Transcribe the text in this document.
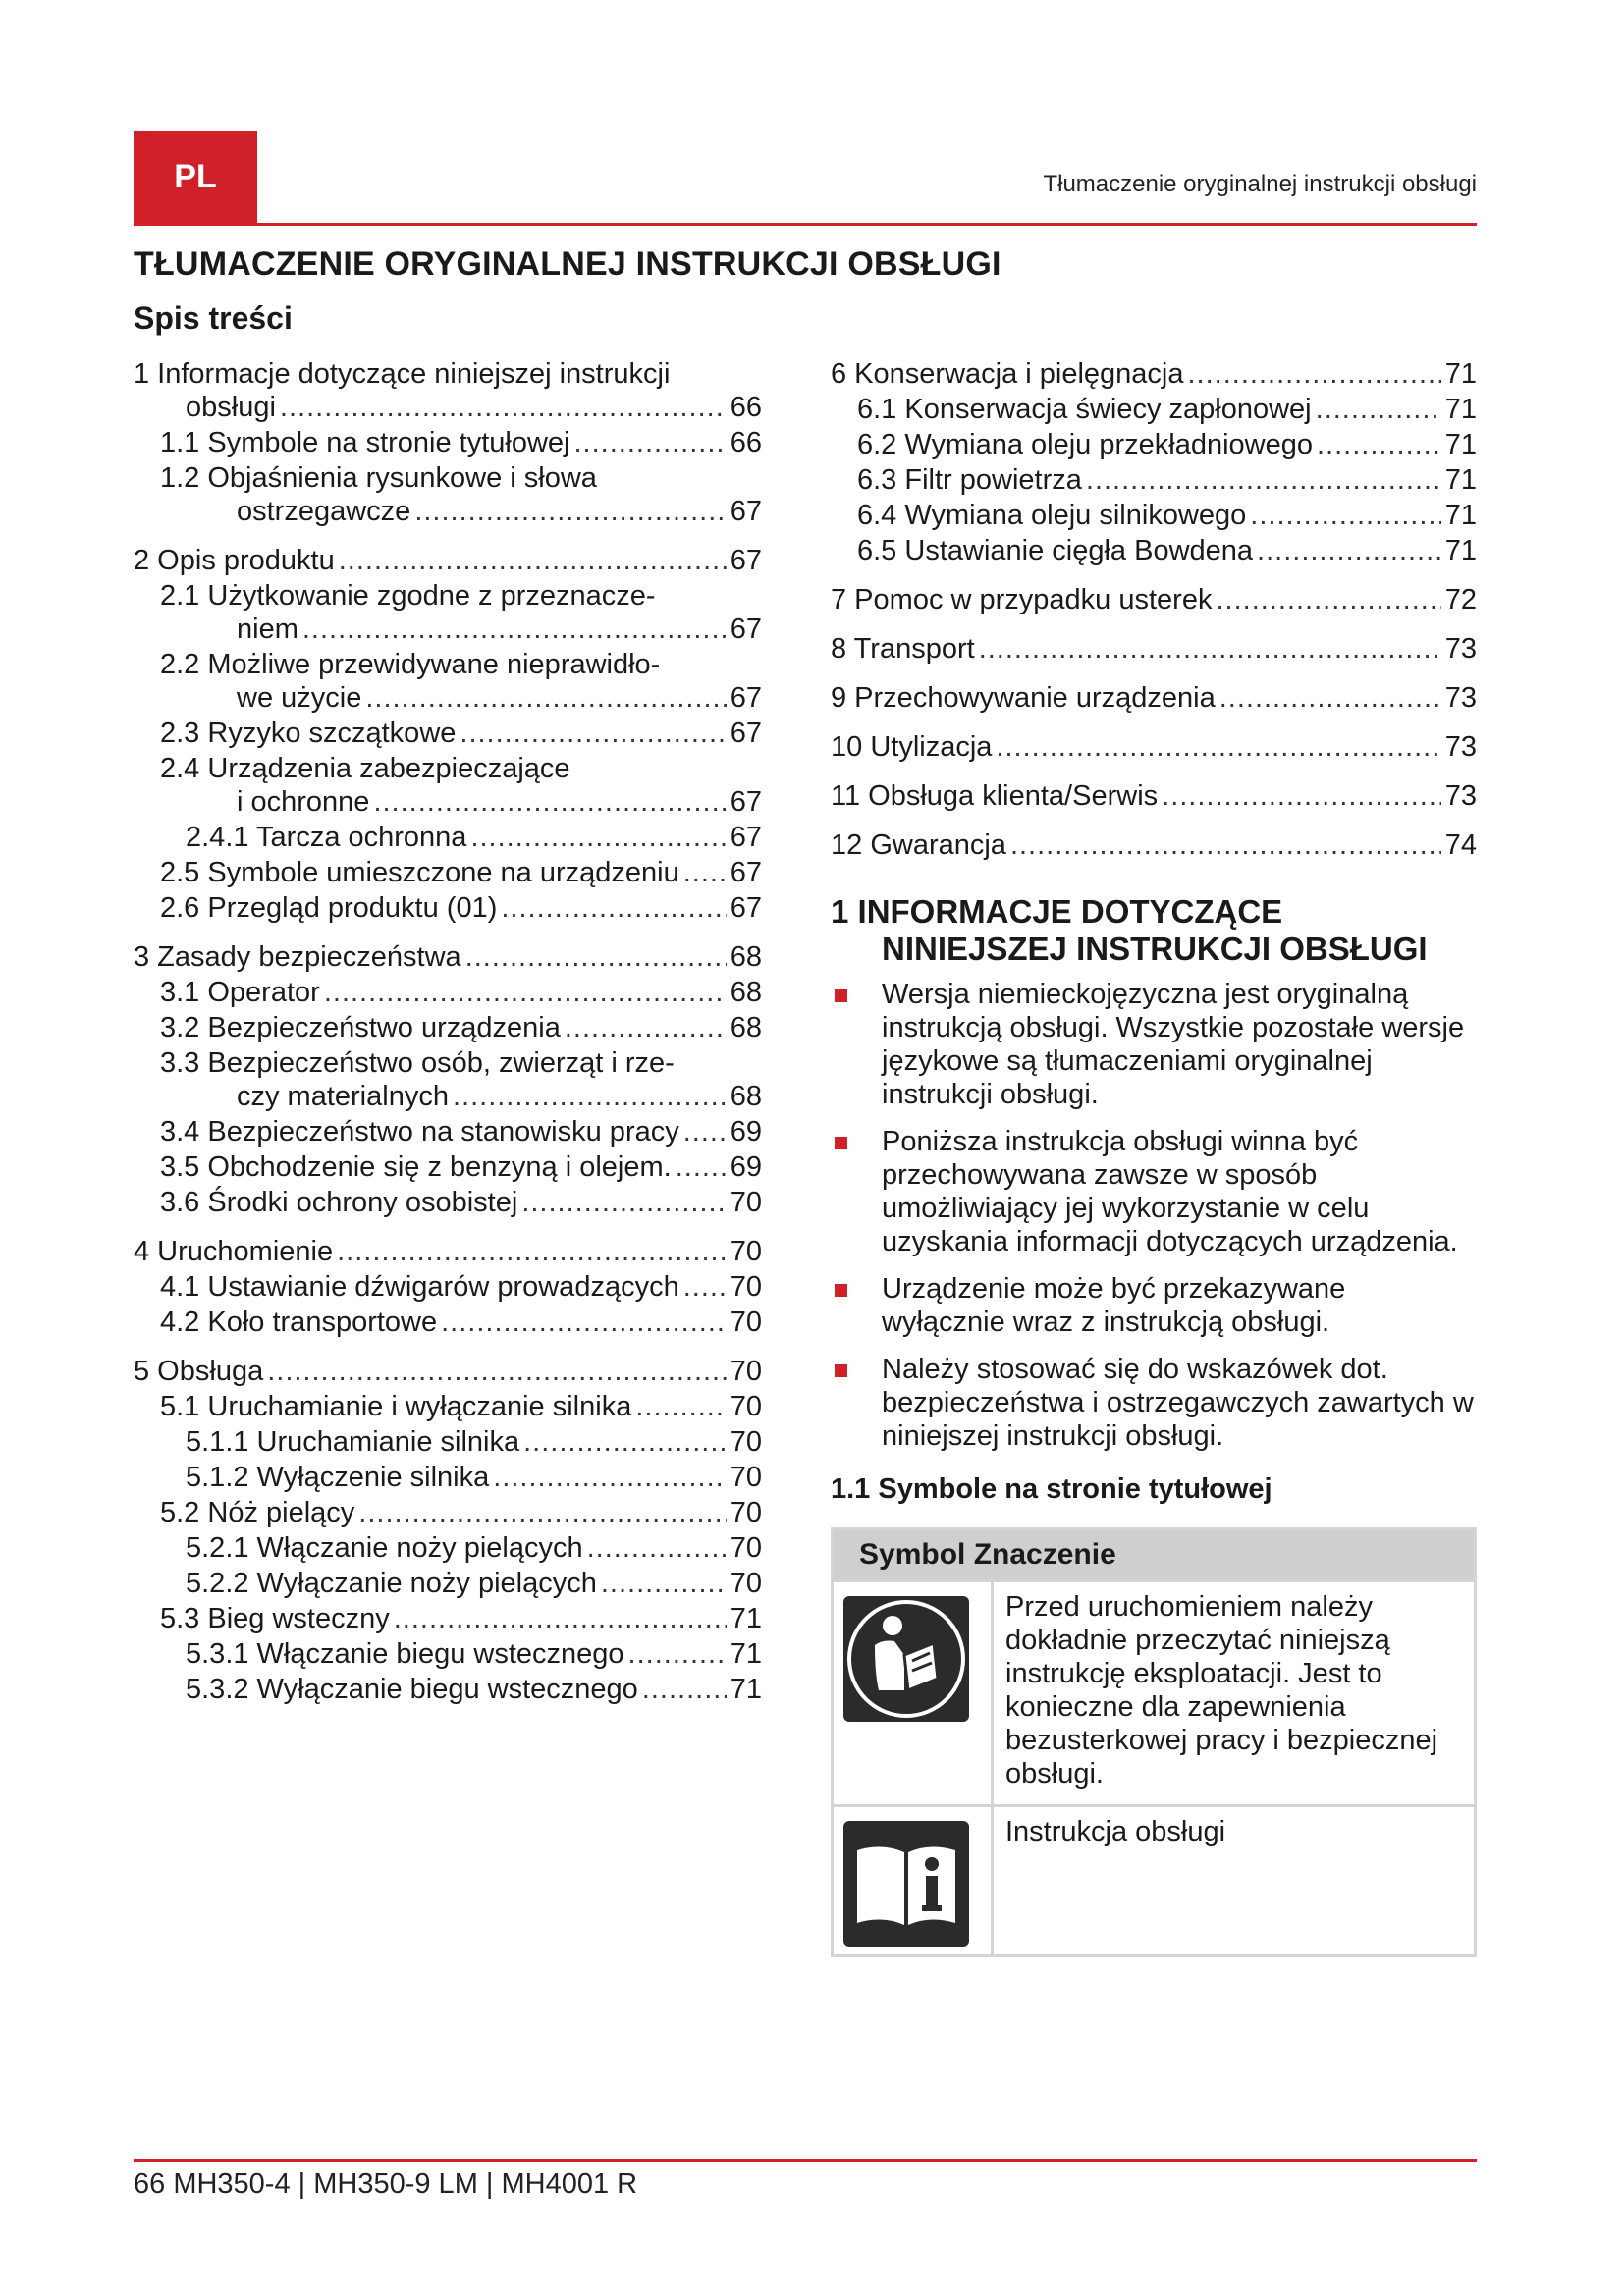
PL	Tłumaczenie oryginalnej instrukcji obsługi
TŁUMACZENIE ORYGINALNEJ INSTRUKCJI OBSŁUGI
Spis treści
1 Informacje dotyczące niniejszej instrukcji
obsługi .....	66
1.1 Symbole na stronie tytułowej .....	66
1.2 Objaśnienia rysunkowe i słowa
ostrzegawcze .....	67
2 Opis produktu .....	67
2.1 Użytkowanie zgodne z przeznacze-
niem .....	67
2.2 Możliwe przewidywane nieprawidło-
we użycie .....	67
2.3 Ryzyko szczątkowe .....	67
2.4 Urządzenia zabezpieczające
i ochronne .....	67
2.4.1 Tarcza ochronna .....	67
2.5 Symbole umieszczone na urządzeniu ..... 67
2.6 Przegląd produktu (01) .....	67
3 Zasady bezpieczeństwa .....	68
3.1 Operator .....	68
3.2 Bezpieczeństwo urządzenia .....	68
3.3 Bezpieczeństwo osób, zwierząt i rze-
czy materialnych .....	68
3.4 Bezpieczeństwo na stanowisku pracy ..... 69
3.5 Obchodzenie się z benzyną i olejem. ..... 69
3.6 Środki ochrony osobistej .....	70
4 Uruchomienie .....	70
4.1 Ustawianie dźwigarów prowadzących ..... 70
4.2 Koło transportowe .....	70
5 Obsługa .....	70
5.1 Uruchamianie i wyłączanie silnika .....	70
5.1.1 Uruchamianie silnika .....	70
5.1.2 Wyłączenie silnika .....	70
5.2 Nóż pielący .....	70
5.2.1 Włączanie noży pielących .....	70
5.2.2 Wyłączanie noży pielących .....	70
5.3 Bieg wsteczny .....	71
5.3.1 Włączanie biegu wstecznego .....	71
5.3.2 Wyłączanie biegu wstecznego .....	71
6 Konserwacja i pielęgnacja .....	71
6.1 Konserwacja świecy zapłonowej .....	71
6.2 Wymiana oleju przekładniowego .....	71
6.3 Filtr powietrza .....	71
6.4 Wymiana oleju silnikowego .....	71
6.5 Ustawianie cięgła Bowdena .....	71
7 Pomoc w przypadku usterek .....	72
8 Transport .....	73
9 Przechowywanie urządzenia .....	73
10 Utylizacja .....	73
11 Obsługa klienta/Serwis .....	73
12 Gwarancja .....	74
1 INFORMACJE DOTYCZĄCE
NINIEJSZEJ INSTRUKCJI OBSŁUGI
Wersja niemieckojęzyczna jest oryginalną instrukcją obsługi. Wszystkie pozostałe wersje językowe są tłumaczeniami oryginalnej instrukcji obsługi.
Poniższa instrukcja obsługi winna być przechowywana zawsze w sposób umożliwiający jej wykorzystanie w celu uzyskania informacji dotyczących urządzenia.
Urządzenie może być przekazywane wyłącznie wraz z instrukcją obsługi.
Należy stosować się do wskazówek dot. bezpieczeństwa i ostrzegawczych zawartych w niniejszej instrukcji obsługi.
1.1 Symbole na stronie tytułowej
Symbol Znaczenie	
	Przed uruchomieniem należy dokładnie przeczytać niniejszą instrukcję eksploatacji. Jest to konieczne dla zapewnienia bezusterkowej pracy i bezpiecznej obsługi.
	Instrukcja obsługi
66 MH350-4 | MH350-9 LM | MH4001 R
